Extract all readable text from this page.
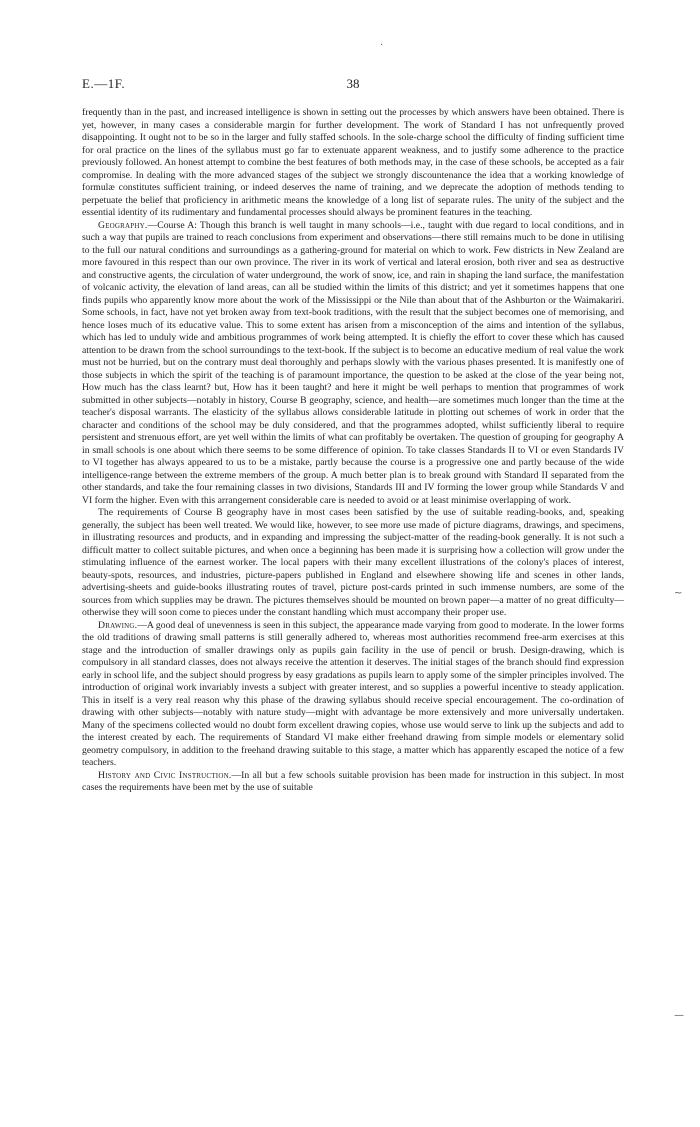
E.—1F.	38

frequently than in the past, and increased intelligence is shown in setting out the processes by which answers have been obtained. There is yet, however, in many cases a considerable margin for further development. The work of Standard I has not unfrequently proved disappointing. It ought not to be so in the larger and fully staffed schools. In the sole-charge school the difficulty of finding sufficient time for oral practice on the lines of the syllabus must go far to extenuate apparent weakness, and to justify some adherence to the practice previously followed. An honest attempt to combine the best features of both methods may, in the case of these schools, be accepted as a fair compromise. In dealing with the more advanced stages of the subject we strongly discountenance the idea that a working knowledge of formulæ constitutes sufficient training, or indeed deserves the name of training, and we deprecate the adoption of methods tending to perpetuate the belief that proficiency in arithmetic means the knowledge of a long list of separate rules. The unity of the subject and the essential identity of its rudimentary and fundamental processes should always be prominent features in the teaching.

Geography.—Course A: Though this branch is well taught in many schools—i.e., taught with due regard to local conditions, and in such a way that pupils are trained to reach conclusions from experiment and observations—there still remains much to be done in utilising to the full our natural conditions and surroundings as a gathering-ground for material on which to work. Few districts in New Zealand are more favoured in this respect than our own province. The river in its work of vertical and lateral erosion, both river and sea as destructive and constructive agents, the circulation of water underground, the work of snow, ice, and rain in shaping the land surface, the manifestation of volcanic activity, the elevation of land areas, can all be studied within the limits of this district; and yet it sometimes happens that one finds pupils who apparently know more about the work of the Mississippi or the Nile than about that of the Ashburton or the Waimakariri. Some schools, in fact, have not yet broken away from text-book traditions, with the result that the subject becomes one of memorising, and hence loses much of its educative value. This to some extent has arisen from a misconception of the aims and intention of the syllabus, which has led to unduly wide and ambitious programmes of work being attempted. It is chiefly the effort to cover these which has caused attention to be drawn from the school surroundings to the text-book. If the subject is to become an educative medium of real value the work must not be hurried, but on the contrary must deal thoroughly and perhaps slowly with the various phases presented. It is manifestly one of those subjects in which the spirit of the teaching is of paramount importance, the question to be asked at the close of the year being not, How much has the class learnt? but, How has it been taught? and here it might be well perhaps to mention that programmes of work submitted in other subjects—notably in history, Course B geography, science, and health—are sometimes much longer than the time at the teacher's disposal warrants. The elasticity of the syllabus allows considerable latitude in plotting out schemes of work in order that the character and conditions of the school may be duly considered, and that the programmes adopted, whilst sufficiently liberal to require persistent and strenuous effort, are yet well within the limits of what can profitably be overtaken. The question of grouping for geography A in small schools is one about which there seems to be some difference of opinion. To take classes Standards II to VI or even Standards IV to VI together has always appeared to us to be a mistake, partly because the course is a progressive one and partly because of the wide intelligence-range between the extreme members of the group. A much better plan is to break ground with Standard II separated from the other standards, and take the four remaining classes in two divisions, Standards III and IV forming the lower group while Standards V and VI form the higher. Even with this arrangement considerable care is needed to avoid or at least minimise overlapping of work.

The requirements of Course B geography have in most cases been satisfied by the use of suitable reading-books, and, speaking generally, the subject has been well treated. We would like, however, to see more use made of picture diagrams, drawings, and specimens, in illustrating resources and products, and in expanding and impressing the subject-matter of the reading-book generally. It is not such a difficult matter to collect suitable pictures, and when once a beginning has been made it is surprising how a collection will grow under the stimulating influence of the earnest worker. The local papers with their many excellent illustrations of the colony's places of interest, beauty-spots, resources, and industries, picture-papers published in England and elsewhere showing life and scenes in other lands, advertising-sheets and guide-books illustrating routes of travel, picture post-cards printed in such immense numbers, are some of the sources from which supplies may be drawn. The pictures themselves should be mounted on brown paper—a matter of no great difficulty—otherwise they will soon come to pieces under the constant handling which must accompany their proper use.

Drawing.—A good deal of unevenness is seen in this subject, the appearance made varying from good to moderate. In the lower forms the old traditions of drawing small patterns is still generally adhered to, whereas most authorities recommend free-arm exercises at this stage and the introduction of smaller drawings only as pupils gain facility in the use of pencil or brush. Design-drawing, which is compulsory in all standard classes, does not always receive the attention it deserves. The initial stages of the branch should find expression early in school life, and the subject should progress by easy gradations as pupils learn to apply some of the simpler principles involved. The introduction of original work invariably invests a subject with greater interest, and so supplies a powerful incentive to steady application. This in itself is a very real reason why this phase of the drawing syllabus should receive special encouragement. The co-ordination of drawing with other subjects—notably with nature study—might with advantage be more extensively and more universally undertaken. Many of the specimens collected would no doubt form excellent drawing copies, whose use would serve to link up the subjects and add to the interest created by each. The requirements of Standard VI make either freehand drawing from simple models or elementary solid geometry compulsory, in addition to the freehand drawing suitable to this stage, a matter which has apparently escaped the notice of a few teachers.

History and Civic Instruction.—In all but a few schools suitable provision has been made for instruction in this subject. In most cases the requirements have been met by the use of suitable

·
~
—
